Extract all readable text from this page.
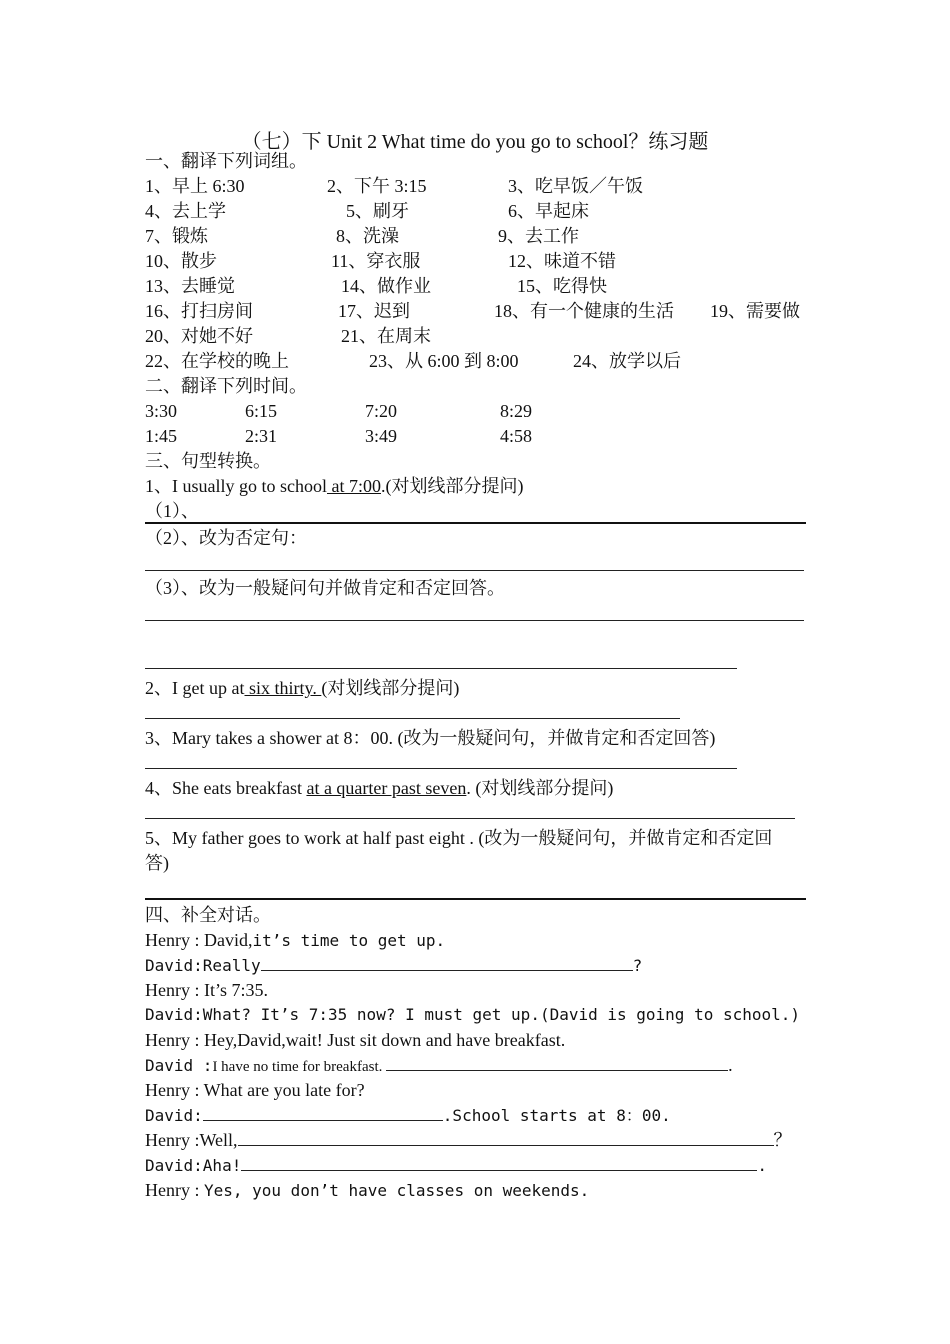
（七）下 Unit 2 What time do you go to school？练习题
一、翻译下列词组。
1、早上 6:30	2、下午 3:15	3、吃早饭／午饭
4、去上学	5、刷牙	6、早起床
7、锻炼	8、洗澡	9、去工作
10、散步	11、穿衣服	12、味道不错
13、去睡觉	14、做作业	15、吃得快
16、打扫房间	17、迟到	18、有一个健康的生活 19、需要做
20、对她不好	21、在周末
22、在学校的晚上	23、从 6:00 到 8:00	24、放学以后
二、翻译下列时间。
3:30	6:15	7:20	8:29
1:45	2:31	3:49	4:58
三、句型转换。
1、I usually go to school at 7:00.(对划线部分提问)
（1）、
（2）、改为否定句：
（3）、改为一般疑问句并做肯定和否定回答。
2、I get up at six thirty. (对划线部分提问)
3、Mary takes a shower at 8：00. (改为一般疑问句，并做肯定和否定回答)
4、She eats breakfast at a quarter past seven. (对划线部分提问)
5、My father goes to work at half past eight . (改为一般疑问句，并做肯定和否定回
答)
四、补全对话。
Henry : David,it’s time to get up.
David:Really	?
Henry : It’s 7:35.
David:What? It’s 7:35 now? I must get up.(David is going to school.)
Henry : Hey,David,wait! Just sit down and have breakfast.
David :I have no time for breakfast.	.
Henry : What are you late for?
David:	.School starts at 8：00.
Henry :Well,	？
David:Aha!	.
Henry : Yes, you don’t have classes on weekends.
